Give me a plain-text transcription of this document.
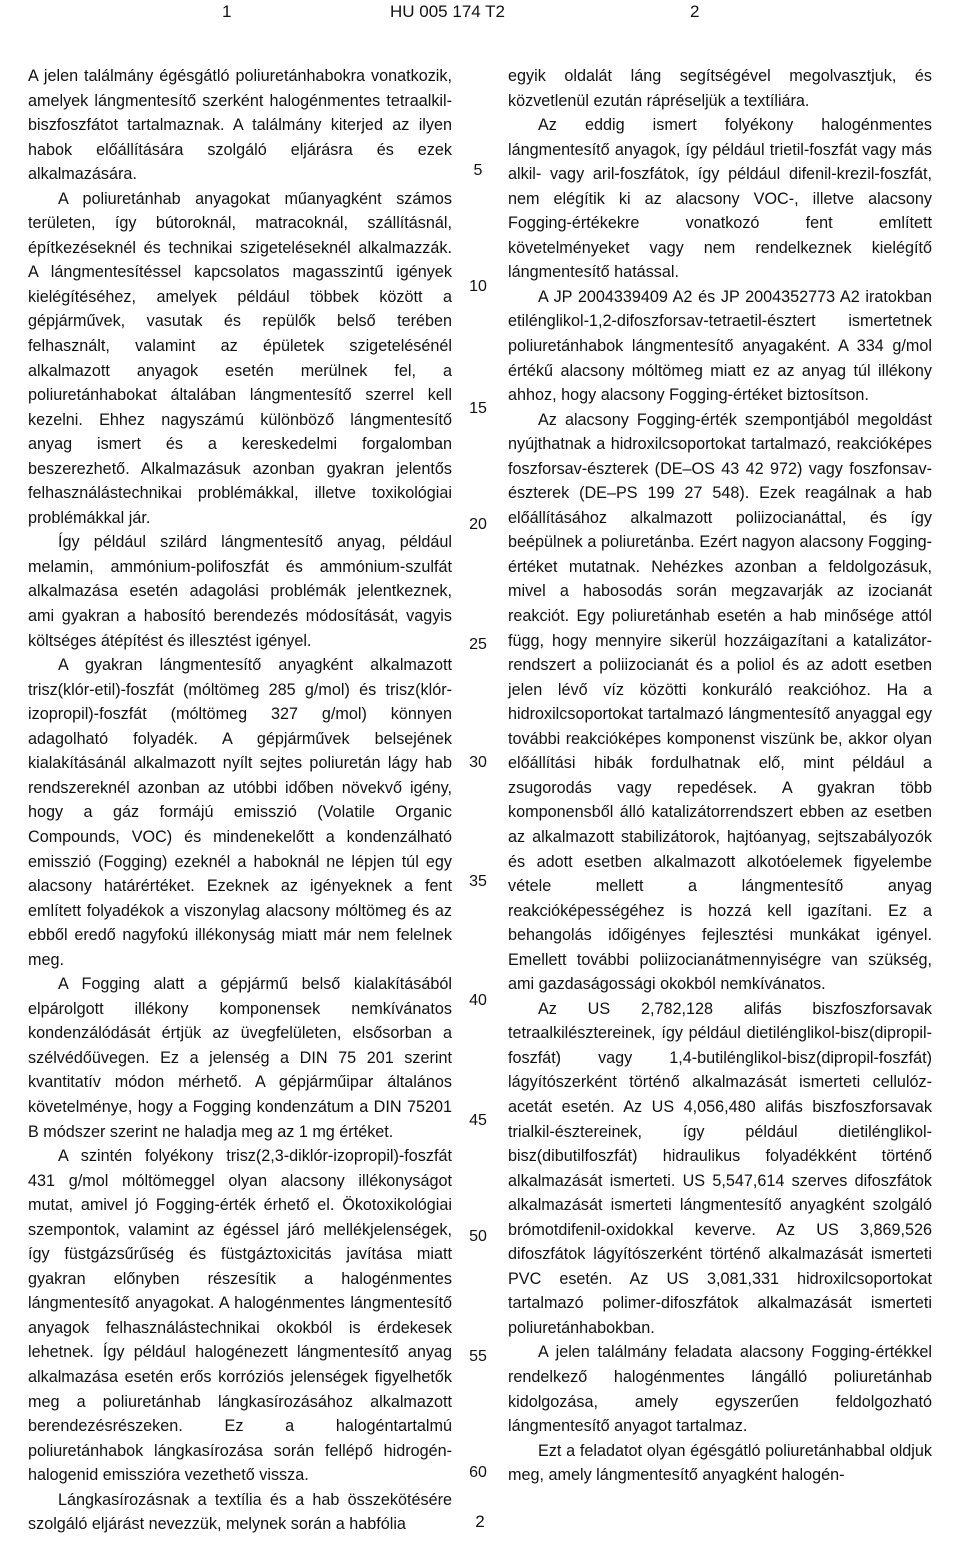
1	HU 005 174 T2	2

A jelen találmány égésgátló poliuretánhabokra vonatkozik, amelyek lángmentesítő szerként halogénmentes tetraalkil-biszfoszfátot tartalmaznak. A találmány kiterjed az ilyen habok előállítására szolgáló eljárásra és ezek alkalmazására.

A poliuretánhab anyagokat műanyagként számos területen, így bútoroknál, matracoknál, szállításnál, építkezéseknél és technikai szigeteléseknél alkalmazzák. A lángmentesítéssel kapcsolatos magasszintű igények kielégítéséhez, amelyek például többek között a gépjárművek, vasutak és repülők belső terében felhasznált, valamint az épületek szigetelésénél alkalmazott anyagok esetén merülnek fel, a poliuretánhabokat általában lángmentesítő szerrel kell kezelni. Ehhez nagyszámú különböző lángmentesítő anyag ismert és a kereskedelmi forgalomban beszerezhető. Alkalmazásuk azonban gyakran jelentős felhasználástechnikai problémákkal, illetve toxikológiai problémákkal jár.

Így például szilárd lángmentesítő anyag, például melamin, ammónium-polifoszfát és ammónium-szulfát alkalmazása esetén adagolási problémák jelentkeznek, ami gyakran a habosító berendezés módosítását, vagyis költséges átépítést és illesztést igényel.

A gyakran lángmentesítő anyagként alkalmazott trisz(klór-etil)-foszfát (móltömeg 285 g/mol) és trisz(klór-izopropil)-foszfát (móltömeg 327 g/mol) könnyen adagolható folyadék. A gépjárművek belsejének kialakításánál alkalmazott nyílt sejtes poliuretán lágy hab rendszereknél azonban az utóbbi időben növekvő igény, hogy a gáz formájú emisszió (Volatile Organic Compounds, VOC) és mindenekelőtt a kondenzálható emisszió (Fogging) ezeknél a haboknál ne lépjen túl egy alacsony határértéket. Ezeknek az igényeknek a fent említett folyadékok a viszonylag alacsony móltömeg és az ebből eredő nagyfokú illékonyság miatt már nem felelnek meg.

A Fogging alatt a gépjármű belső kialakításából elpárolgott illékony komponensek nemkívánatos kondenzálódását értjük az üvegfelületen, elsősorban a szélvédőüvegen. Ez a jelenség a DIN 75 201 szerint kvantitatív módon mérhető. A gépjárműipar általános követelménye, hogy a Fogging kondenzátum a DIN 75201 B módszer szerint ne haladja meg az 1 mg értéket.

A szintén folyékony trisz(2,3-diklór-izopropil)-foszfát 431 g/mol móltömeggel olyan alacsony illékonyságot mutat, amivel jó Fogging-érték érhető el. Ökotoxikológiai szempontok, valamint az égéssel járó mellékjelenségek, így füstgázsűrűség és füstgáztoxicitás javítása miatt gyakran előnyben részesítik a halogénmentes lángmentesítő anyagokat. A halogénmentes lángmentesítő anyagok felhasználástechnikai okokból is érdekesek lehetnek. Így például halogénezett lángmentesítő anyag alkalmazása esetén erős korróziós jelenségek figyelhetők meg a poliuretánhab lángkasírozásához alkalmazott berendezésrészeken. Ez a halogéntartalmú poliuretánhabok lángkasírozása során fellépő hidrogén-halogenid emisszióra vezethető vissza.

Lángkasírozásnak a textília és a hab összekötésére szolgáló eljárást nevezzük, melynek során a habfólia

5
10
15
20
25
30
35
40
45
50
55
60

egyik oldalát láng segítségével megolvasztjuk, és közvetlenül ezután rápréseljük a textíliára.

Az eddig ismert folyékony halogénmentes lángmentesítő anyagok, így például trietil-foszfát vagy más alkil- vagy aril-foszfátok, így például difenil-krezil-foszfát, nem elégítik ki az alacsony VOC-, illetve alacsony Fogging-értékekre vonatkozó fent említett követelményeket vagy nem rendelkeznek kielégítő lángmentesítő hatással.

A JP 2004339409 A2 és JP 2004352773 A2 iratokban etilénglikol-1,2-difoszforsav-tetraetil-észtert ismertetnek poliuretánhabok lángmentesítő anyagaként. A 334 g/mol értékű alacsony móltömeg miatt ez az anyag túl illékony ahhoz, hogy alacsony Fogging-értéket biztosítson.

Az alacsony Fogging-érték szempontjából megoldást nyújthatnak a hidroxilcsoportokat tartalmazó, reakcióképes foszforsav-észterek (DE–OS 43 42 972) vagy foszfonsav-észterek (DE–PS 199 27 548). Ezek reagálnak a hab előállításához alkalmazott poliizocianáttal, és így beépülnek a poliuretánba. Ezért nagyon alacsony Fogging-értéket mutatnak. Nehézkes azonban a feldolgozásuk, mivel a habosodás során megzavarják az izocianát reakciót. Egy poliuretánhab esetén a hab minősége attól függ, hogy mennyire sikerül hozzáigazítani a katalizátor-rendszert a poliizocianát és a poliol és az adott esetben jelen lévő víz közötti konkuráló reakcióhoz. Ha a hidroxilcsoportokat tartalmazó lángmentesítő anyaggal egy további reakcióképes komponenst viszünk be, akkor olyan előállítási hibák fordulhatnak elő, mint például a zsugorodás vagy repedések. A gyakran több komponensből álló katalizátorrendszert ebben az esetben az alkalmazott stabilizátorok, hajtóanyag, sejtszabályozók és adott esetben alkalmazott alkotóelemek figyelembe vétele mellett a lángmentesítő anyag reakcióképességéhez is hozzá kell igazítani. Ez a behangolás időigényes fejlesztési munkákat igényel. Emellett további poliizocianátmennyiségre van szükség, ami gazdaságossági okokból nemkívánatos.

Az US 2,782,128 alifás biszfoszforsavak tetraalkilésztereinek, így például dietilénglikol-bisz(dipropil-foszfát) vagy 1,4-butilénglikol-bisz(dipropil-foszfát) lágyítószerként történő alkalmazását ismerteti cellulóz-acetát esetén. Az US 4,056,480 alifás biszfoszforsavak trialkil-észtereinek, így például dietilénglikol-bisz(dibutilfoszfát) hidraulikus folyadékként történő alkalmazását ismerteti. US 5,547,614 szerves difoszfátok alkalmazását ismerteti lángmentesítő anyagként szolgáló brómotdifenil-oxidokkal keverve. Az US 3,869,526 difoszfátok lágyítószerként történő alkalmazását ismerteti PVC esetén. Az US 3,081,331 hidroxilcsoportokat tartalmazó polimer-difoszfátok alkalmazását ismerteti poliuretánhabokban.

A jelen találmány feladata alacsony Fogging-értékkel rendelkező halogénmentes lángálló poliuretánhab kidolgozása, amely egyszerűen feldolgozható lángmentesítő anyagot tartalmaz.

Ezt a feladatot olyan égésgátló poliuretánhabbal oldjuk meg, amely lángmentesítő anyagként halogén-

2
